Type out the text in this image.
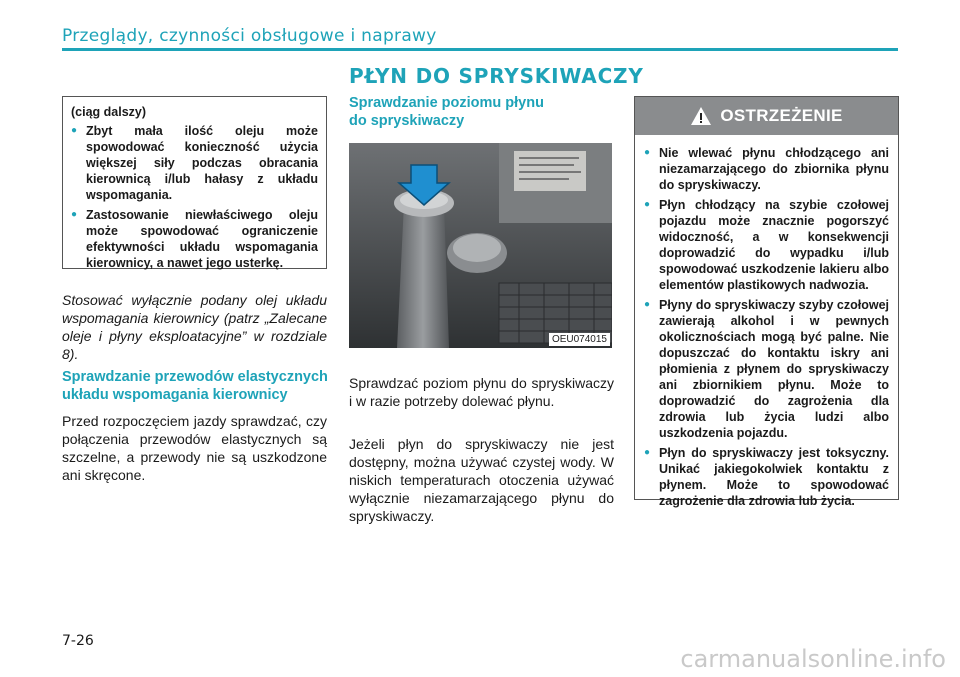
Przeglądy, czynności obsługowe i naprawy
(ciąg dalszy)
● Zbyt mała ilość oleju może spowodować konieczność użycia większej siły podczas obracania kierownicą i/lub hałasy z układu wspomagania.
● Zastosowanie niewłaściwego oleju może spowodować ograniczenie efektywności układu wspomagania kierownicy, a nawet jego usterkę.
Stosować wyłącznie podany olej układu wspomagania kierownicy (patrz „Zalecane oleje i płyny eksploatacyjne” w rozdziale 8).
Sprawdzanie przewodów elastycznych układu wspomagania kierownicy
Przed rozpoczęciem jazdy sprawdzać, czy połączenia przewodów elastycznych są szczelne, a przewody nie są uszkodzone ani skręcone.
PŁYN DO SPRYSKIWACZY
Sprawdzanie poziomu płynu
do spryskiwaczy
OEU074015
Sprawdzać poziom płynu do spryskiwaczy i w razie potrzeby dolewać płynu.
Jeżeli płyn do spryskiwaczy nie jest dostępny, można używać czystej wody. W niskich temperaturach otoczenia używać wyłącznie niezamarzającego płynu do spryskiwaczy.
OSTRZEŻENIE
● Nie wlewać płynu chłodzącego ani niezamarzającego do zbiornika płynu do spryskiwaczy.
● Płyn chłodzący na szybie czołowej pojazdu może znacznie pogorszyć widoczność, a w konsekwencji doprowadzić do wypadku i/lub spowodować uszkodzenie lakieru albo elementów plastikowych nadwozia.
● Płyny do spryskiwaczy szyby czołowej zawierają alkohol i w pewnych okolicznościach mogą być palne. Nie dopuszczać do kontaktu iskry ani płomienia z płynem do spryskiwaczy ani zbiornikiem płynu. Może to doprowadzić do zagrożenia dla zdrowia lub życia ludzi albo uszkodzenia pojazdu.
● Płyn do spryskiwaczy jest toksyczny. Unikać jakiegokolwiek kontaktu z płynem. Może to spowodować zagrożenie dla zdrowia lub życia.
7-26
carmanualsonline.info
